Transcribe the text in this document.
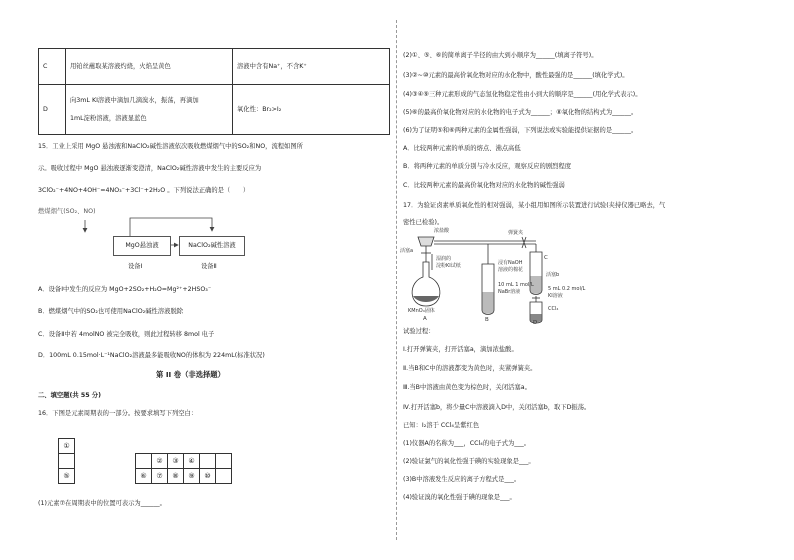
C	用铂丝蘸取某溶液灼烧，火焰呈黄色	溶液中含有Na⁺，不含K⁺
D	向3mL KI溶液中滴加几滴溴水，振荡，再滴加
1mL淀粉溶液，溶液显蓝色	氧化性：Br₂>I₂
15．工业上采用 MgO 悬浊液和NaClO₂碱性溶液依次吸收燃煤烟气中的SO₂和NO，流程如图所
示。吸收过程中 MgO 悬浊液逐渐变澄清，NaClO₂碱性溶液中发生的主要反应为
3ClO₂⁻+4NO+4OH⁻=4NO₃⁻+3Cl⁻+2H₂O 。下列说法正确的是（　　）
燃煤烟气(SO₂、NO)
MgO悬浊液	NaClO₂碱性溶液
设备Ⅰ	设备Ⅱ
A．设备Ⅰ中发生的反应为 MgO+2SO₂+H₂O=Mg²⁺+2HSO₃⁻
B．燃煤烟气中的SO₂也可使用NaClO₂碱性溶液脱除
C．设备Ⅱ中若 4molNO 被完全吸收，则此过程转移 8mol 电子
D．100mL 0.15mol·L⁻¹NaClO₂溶液最多能吸收NO的体积为 224mL(标准状况)
第 II 卷（非选择题）
二、填空题(共 55 分)
16．下图是元素周期表的一部分。按要求填写下列空白：
①										
						②	③	④		
⑤					⑥	⑦	⑧	⑨	⑩	
(1)元素⑦在周期表中的位置可表示为______。
(2)①、⑤、⑥的简单离子半径的由大到小顺序为______(填离子符号)。
(3)②~⑩元素的最高价氧化物对应的水化物中，酸性最强的是______(填化学式)。
(4)③④⑨三种元素形成的气态氢化物稳定性由小到大的顺序是______(用化学式表示)。
(5)⑥的最高价氧化物对应的水化物的电子式为______；⑧氧化物的结构式为______。
(6)为了证明⑤和⑥两种元素的金属性强弱，下列说法或实验能提供证据的是______。
A．比较两种元素的单质的熔点、沸点高低
B．将两种元素的单质分别与冷水反应，观察反应的剧烈程度
C．比较两种元素的最高价氧化物对应的水化物的碱性强弱
17．为验证卤素单质氧化性的相对强弱，某小组用如图所示装置进行试验(夹持仪器已略去，气
密性已检验)。
浓盐酸	弹簧夹
活塞a
湿润的
淀粉KI试纸	浸有NaOH
溶液的棉花
活塞b
10 mL 1 mol/L
NaBr溶液	5 mL 0.2 mol/L
KI溶液
CCl₄
KMnO₄固体
A	B
C
D
试验过程：
Ⅰ.打开弹簧夹，打开活塞a，滴加浓盐酸。
Ⅱ.当B和C中的溶液都变为黄色时，夹紧弹簧夹。
Ⅲ.当B中溶液由黄色变为棕色时，关闭活塞a。
Ⅳ.打开活塞b，将少量C中溶液滴入D中，关闭活塞b，取下D振荡。
已知：I₂溶于 CCl₄呈紫红色
(1)仪器A的名称为___，CCl₄的电子式为___。
(2)验证氯气的氧化性强于碘的实验现象是___。
(3)B中溶液发生反应的离子方程式是___。
(4)验证溴的氧化性强于碘的现象是___。
